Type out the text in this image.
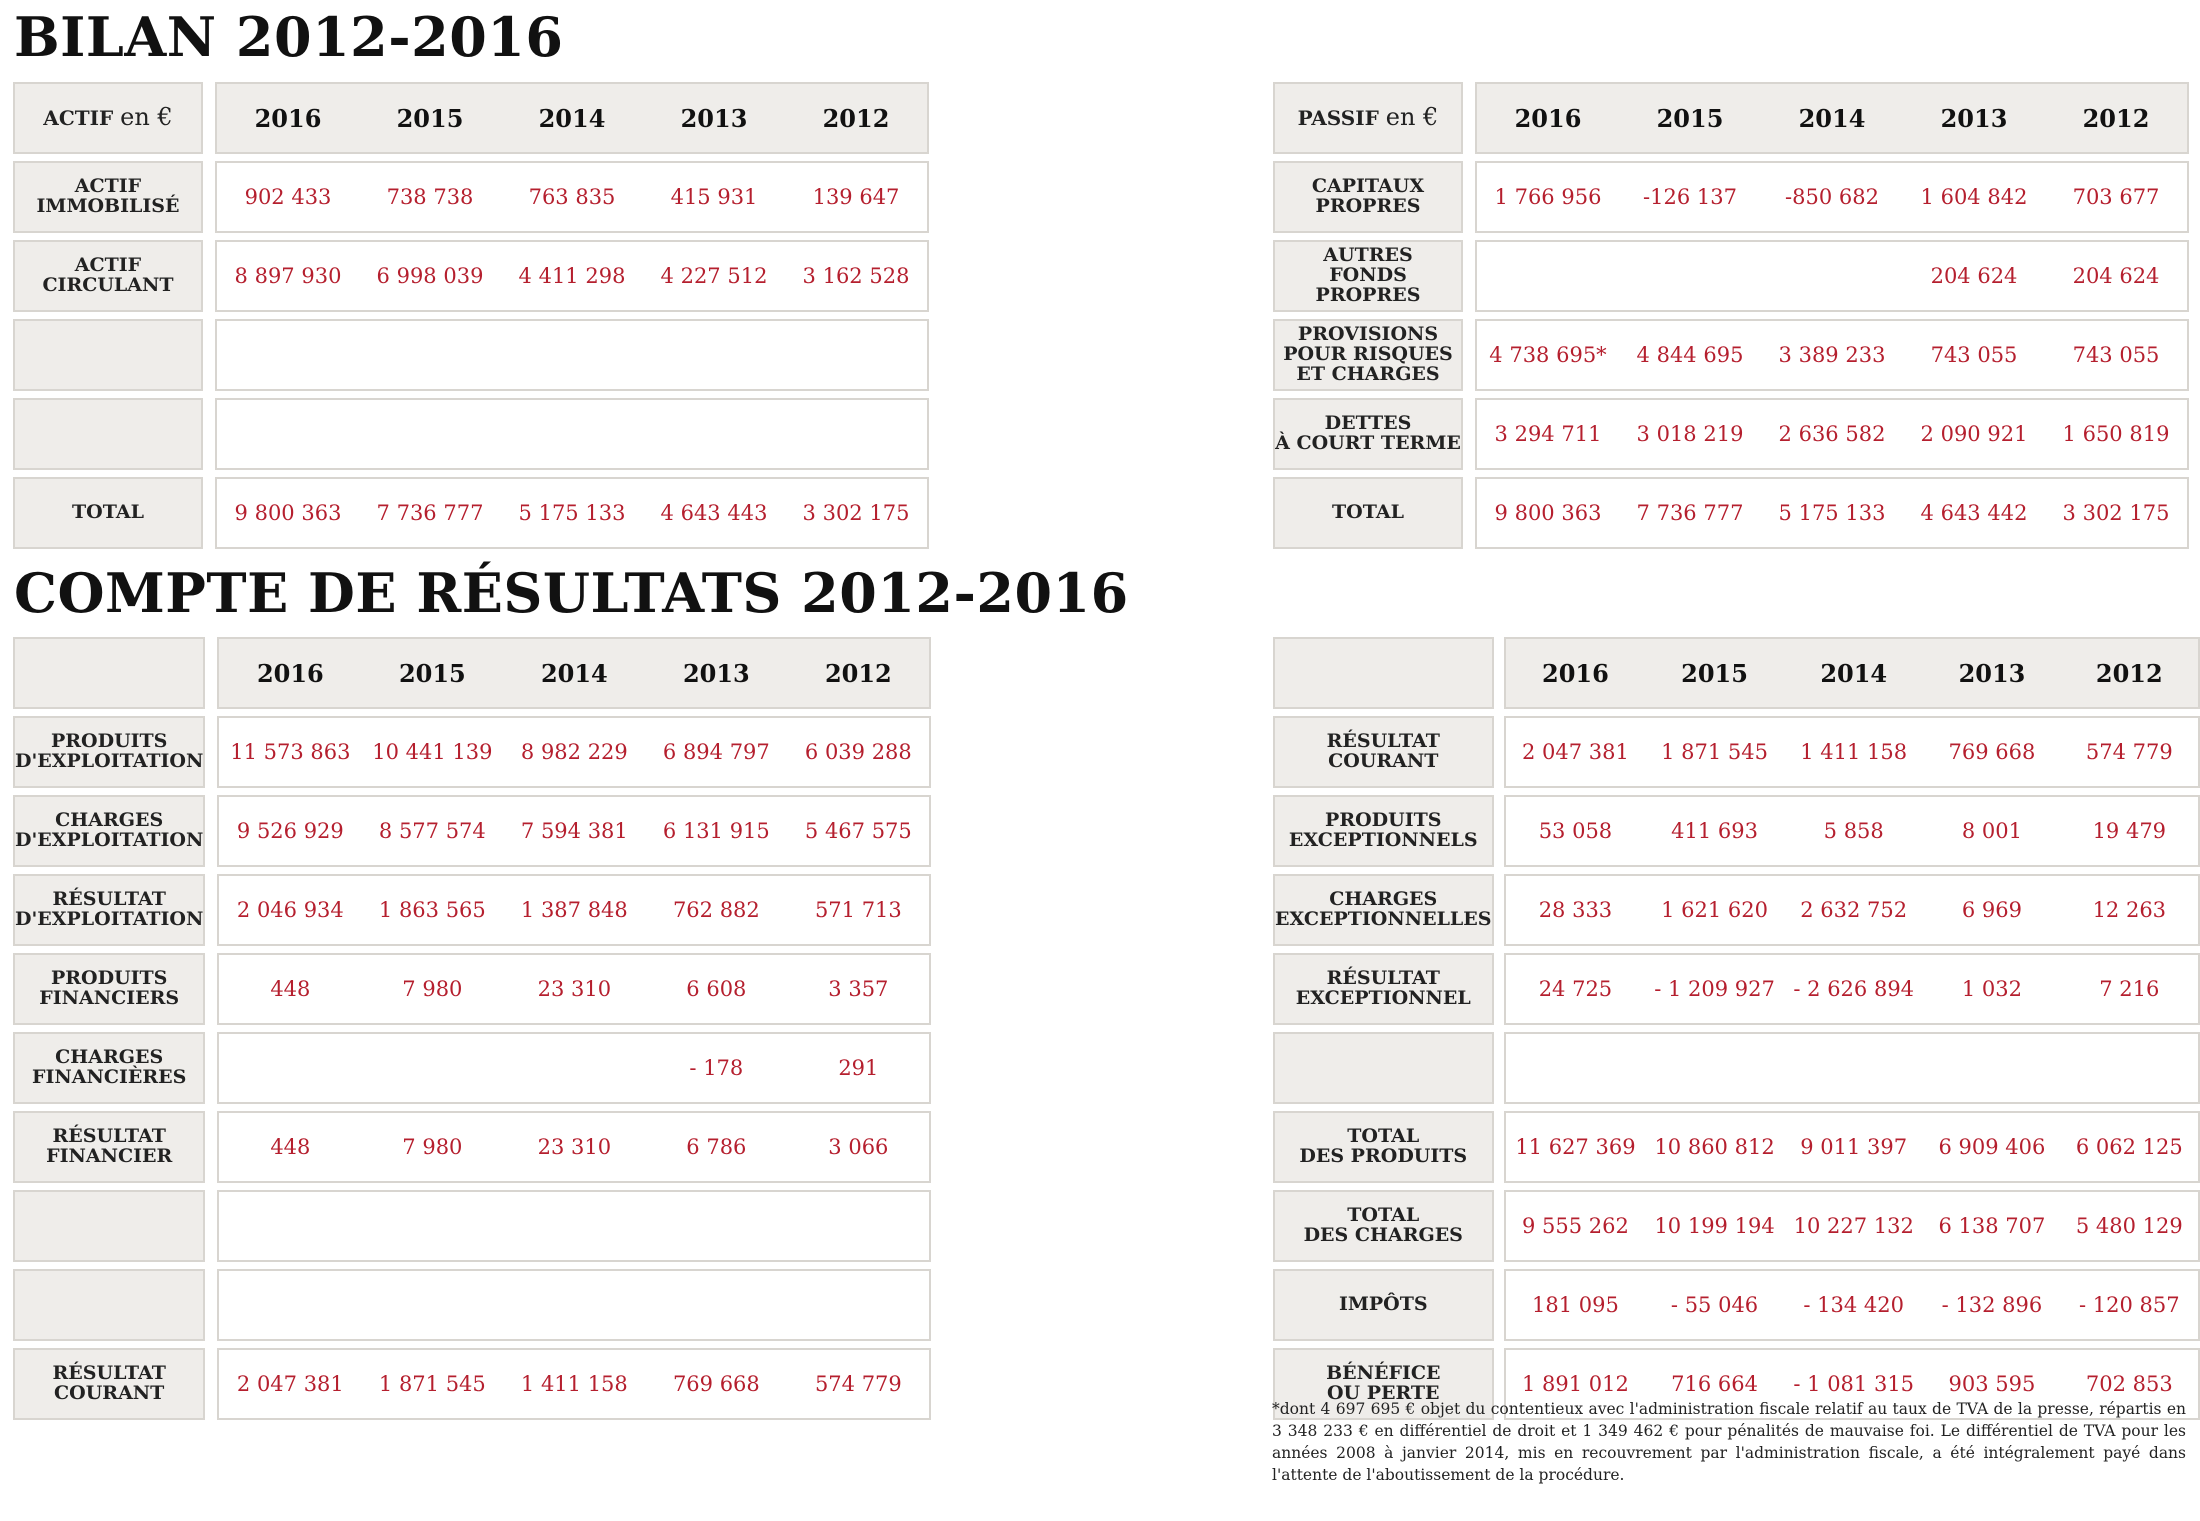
BILAN 2012-2016
ACTIF en €		2016	2015	2014	2013	2012

ACTIF
IMMOBILISÉ		902 433	738 738	763 835	415 931	139 647

ACTIF
CIRCULANT		8 897 930	6 998 039	4 411 298	4 227 512	3 162 528

TOTAL		9 800 363	7 736 777	5 175 133	4 643 443	3 302 175
PASSIF en €		2016	2015	2014	2013	2012

CAPITAUX
PROPRES		1 766 956	-126 137	-850 682	1 604 842	703 677

AUTRES
FONDS PROPRES					204 624	204 624

PROVISIONS
POUR RISQUES
ET CHARGES		4 738 695*	4 844 695	3 389 233	743 055	743 055

DETTES
À COURT TERME		3 294 711	3 018 219	2 636 582	2 090 921	1 650 819

TOTAL		9 800 363	7 736 777	5 175 133	4 643 442	3 302 175
COMPTE DE RÉSULTATS 2012-2016
		2016	2015	2014	2013	2012

PRODUITS
D'EXPLOITATION		11 573 863	10 441 139	8 982 229	6 894 797	6 039 288

CHARGES
D'EXPLOITATION		9 526 929	8 577 574	7 594 381	6 131 915	5 467 575

RÉSULTAT
D'EXPLOITATION		2 046 934	1 863 565	1 387 848	762 882	571 713

PRODUITS
FINANCIERS		448	7 980	23 310	6 608	3 357

CHARGES
FINANCIÈRES					- 178	291

RÉSULTAT
FINANCIER		448	7 980	23 310	6 786	3 066

RÉSULTAT
COURANT		2 047 381	1 871 545	1 411 158	769 668	574 779
		2016	2015	2014	2013	2012

RÉSULTAT
COURANT		2 047 381	1 871 545	1 411 158	769 668	574 779

PRODUITS
EXCEPTIONNELS		53 058	411 693	5 858	8 001	19 479

CHARGES
EXCEPTIONNELLES		28 333	1 621 620	2 632 752	6 969	12 263

RÉSULTAT
EXCEPTIONNEL		24 725	- 1 209 927	- 2 626 894	1 032	7 216

TOTAL
DES PRODUITS		11 627 369	10 860 812	9 011 397	6 909 406	6 062 125

TOTAL
DES CHARGES		9 555 262	10 199 194	10 227 132	6 138 707	5 480 129

IMPÔTS		181 095	- 55 046	- 134 420	- 132 896	- 120 857

BÉNÉFICE
OU PERTE		1 891 012	716 664	- 1 081 315	903 595	702 853
*dont 4 697 695 € objet du contentieux avec l'administration fiscale relatif au taux de TVA de la presse, répartis en 3 348 233 € en différentiel de droit et 1 349 462 € pour pénalités de mauvaise foi. Le différentiel de TVA pour les années 2008 à janvier 2014, mis en recouvrement par l'administration fiscale, a été intégralement payé dans l'attente de l'aboutissement de la procédure.
